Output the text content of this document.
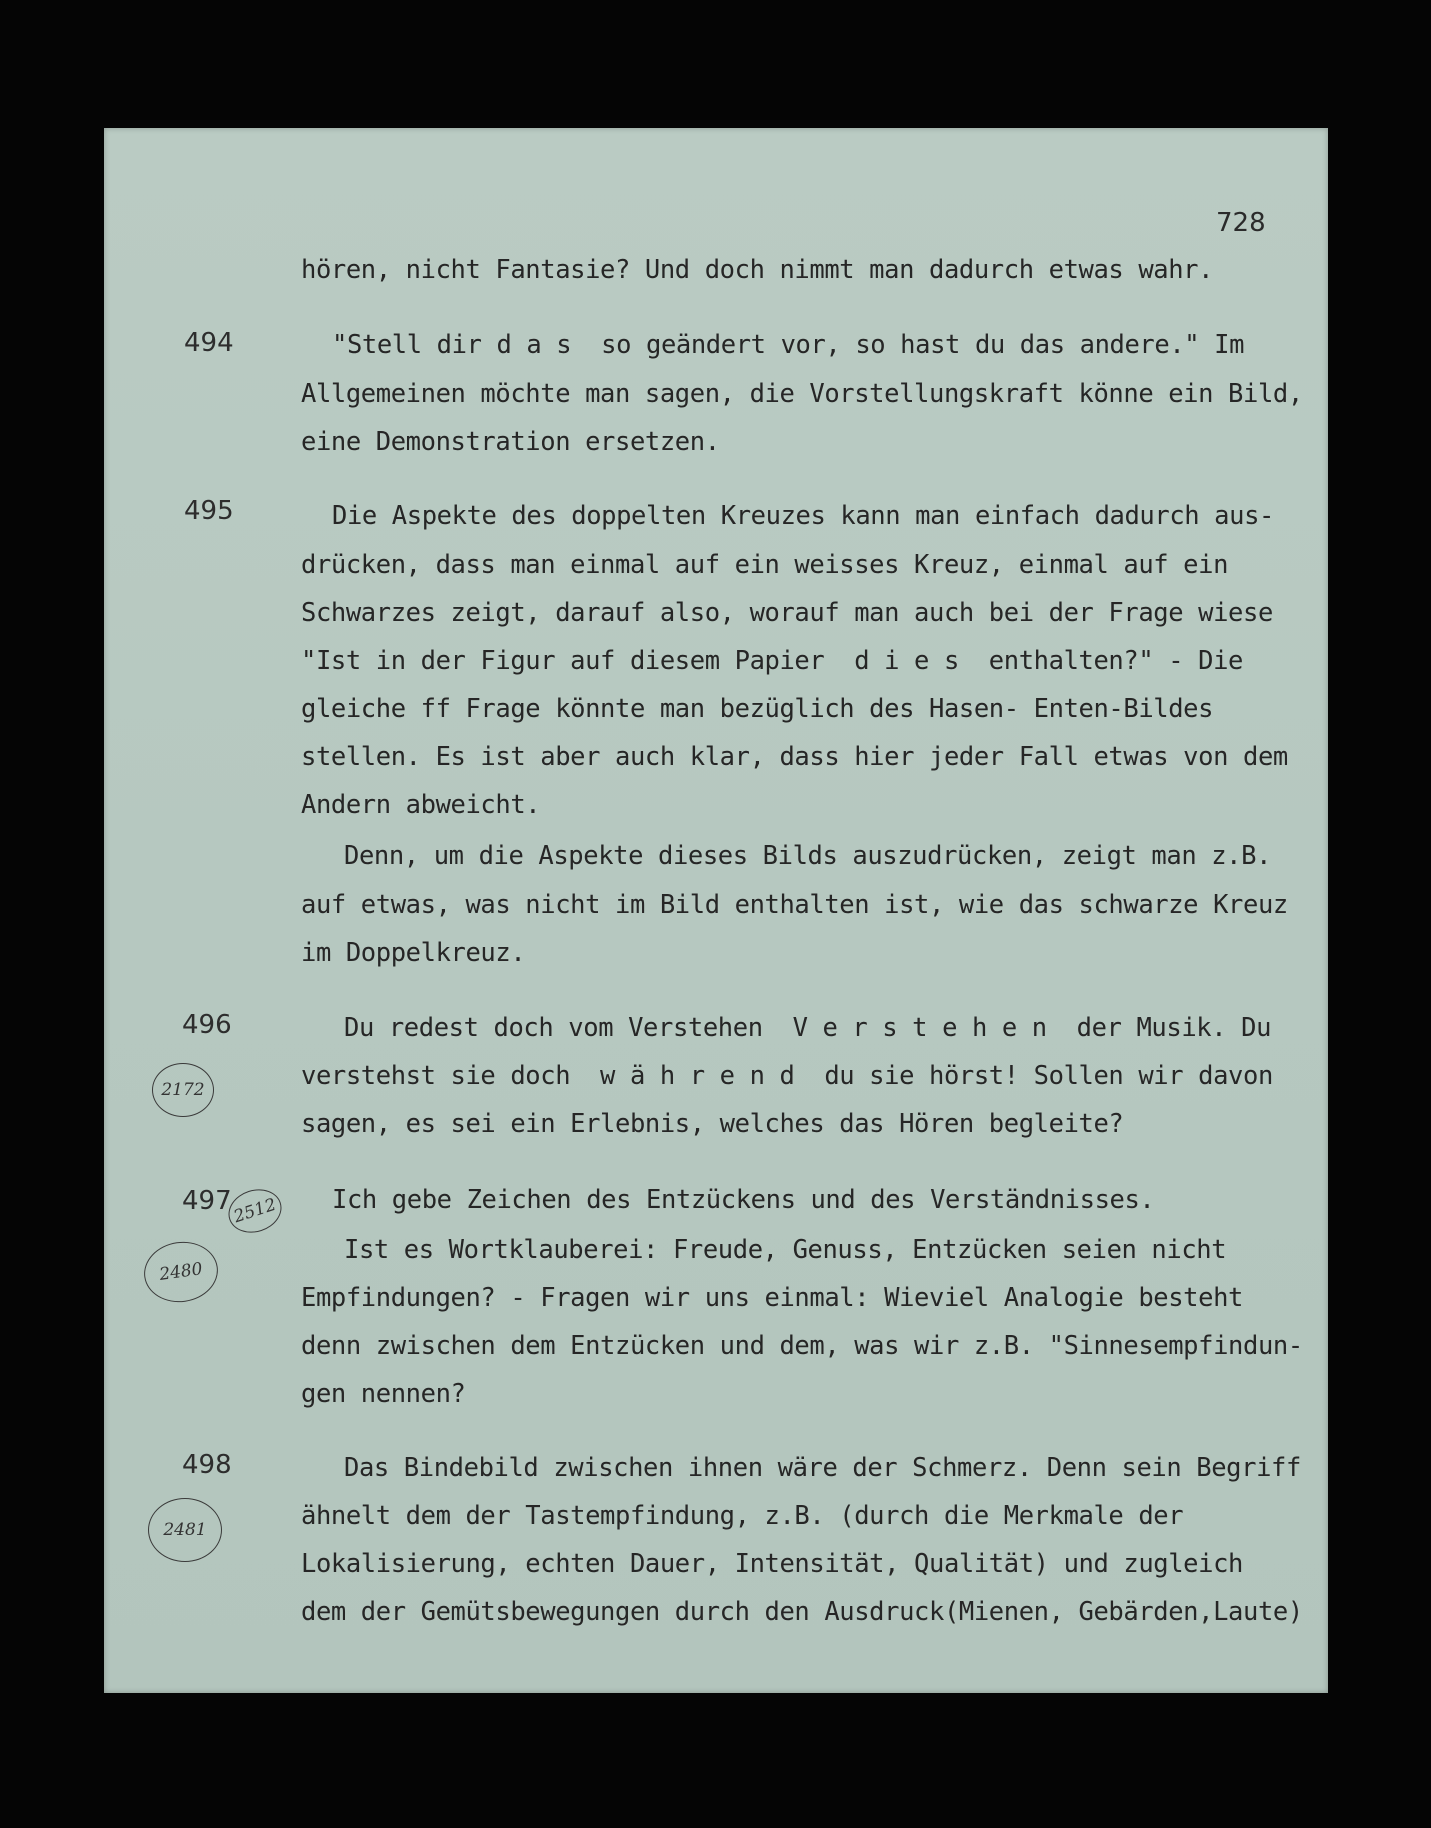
728
494
495
496
497
498
2172
2512
2480
2481
hören, nicht Fantasie? Und doch nimmt man dadurch etwas wahr.
"Stell dir d a s  so geändert vor, so hast du das andere." Im
Allgemeinen möchte man sagen, die Vorstellungskraft könne ein Bild,
eine Demonstration ersetzen.
Die Aspekte des doppelten Kreuzes kann man einfach dadurch aus-
drücken, dass man einmal auf ein weisses Kreuz, einmal auf ein
Schwarzes zeigt, darauf also, worauf man auch bei der Frage wiese
"Ist in der Figur auf diesem Papier  d i e s  enthalten?" - Die
gleiche ff Frage könnte man bezüglich des Hasen- Enten-Bildes
stellen. Es ist aber auch klar, dass hier jeder Fall etwas von dem
Andern abweicht.
Denn, um die Aspekte dieses Bilds auszudrücken, zeigt man z.B.
auf etwas, was nicht im Bild enthalten ist, wie das schwarze Kreuz
im Doppelkreuz.
Du redest doch vom Verstehen  V e r s t e h e n  der Musik. Du
verstehst sie doch  w ä h r e n d  du sie hörst! Sollen wir davon
sagen, es sei ein Erlebnis, welches das Hören begleite?
Ich gebe Zeichen des Entzückens und des Verständnisses.
Ist es Wortklauberei: Freude, Genuss, Entzücken seien nicht
Empfindungen? - Fragen wir uns einmal: Wieviel Analogie besteht
denn zwischen dem Entzücken und dem, was wir z.B. "Sinnesempfindun-
gen nennen?
Das Bindebild zwischen ihnen wäre der Schmerz. Denn sein Begriff
ähnelt dem der Tastempfindung, z.B. (durch die Merkmale der
Lokalisierung, echten Dauer, Intensität, Qualität) und zugleich
dem der Gemütsbewegungen durch den Ausdruck(Mienen, Gebärden,Laute)
